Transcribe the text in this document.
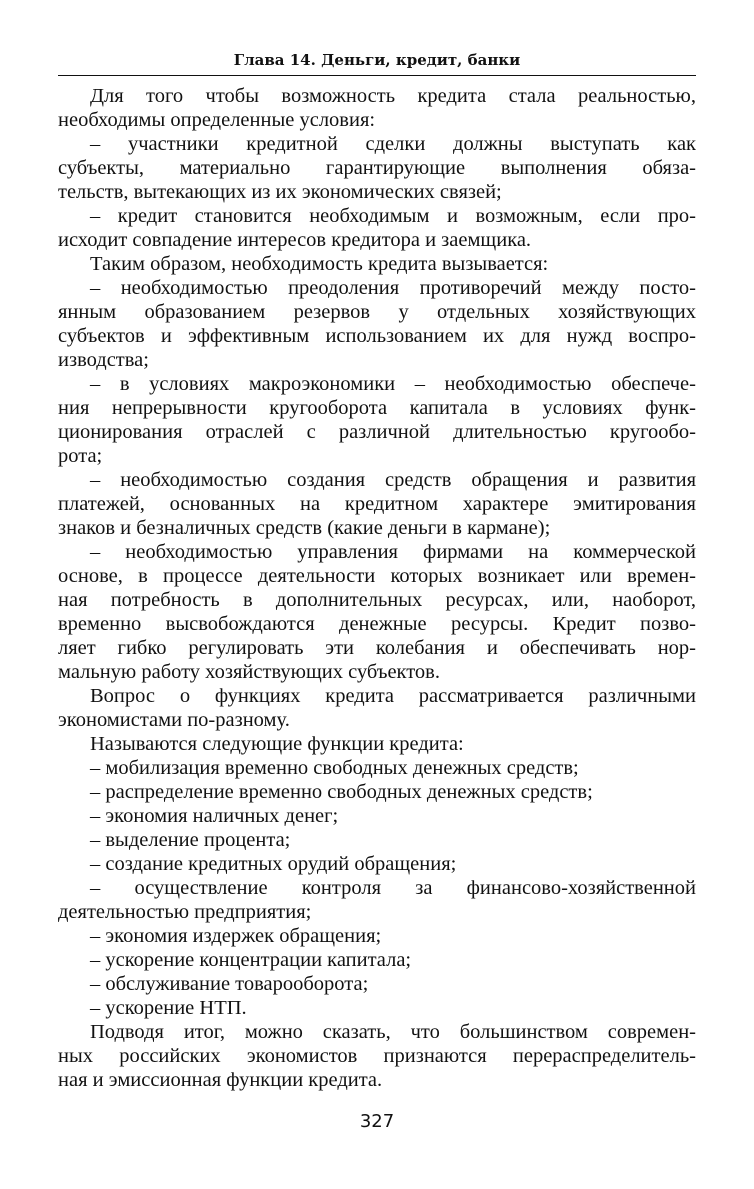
Глава 14. Деньги, кредит, банки
Для того чтобы возможность кредита стала реальностью,
необходимы определенные условия:
– участники кредитной сделки должны выступать как
субъекты, материально гарантирующие выполнения обяза-
тельств, вытекающих из их экономических связей;
– кредит становится необходимым и возможным, если про-
исходит совпадение интересов кредитора и заемщика.
Таким образом, необходимость кредита вызывается:
– необходимостью преодоления противоречий между посто-
янным образованием резервов у отдельных хозяйствующих
субъектов и эффективным использованием их для нужд воспро-
изводства;
– в условиях макроэкономики – необходимостью обеспече-
ния непрерывности кругооборота капитала в условиях функ-
ционирования отраслей с различной длительностью кругообо-
рота;
– необходимостью создания средств обращения и развития
платежей, основанных на кредитном характере эмитирования
знаков и безналичных средств (какие деньги в кармане);
– необходимостью управления фирмами на коммерческой
основе, в процессе деятельности которых возникает или времен-
ная потребность в дополнительных ресурсах, или, наоборот,
временно высвобождаются денежные ресурсы. Кредит позво-
ляет гибко регулировать эти колебания и обеспечивать нор-
мальную работу хозяйствующих субъектов.
Вопрос о функциях кредита рассматривается различными
экономистами по-разному.
Называются следующие функции кредита:
– мобилизация временно свободных денежных средств;
– распределение временно свободных денежных средств;
– экономия наличных денег;
– выделение процента;
– создание кредитных орудий обращения;
– осуществление контроля за финансово-хозяйственной
деятельностью предприятия;
– экономия издержек обращения;
– ускорение концентрации капитала;
– обслуживание товарооборота;
– ускорение НТП.
Подводя итог, можно сказать, что большинством современ-
ных российских экономистов признаются перераспределитель-
ная и эмиссионная функции кредита.
327
